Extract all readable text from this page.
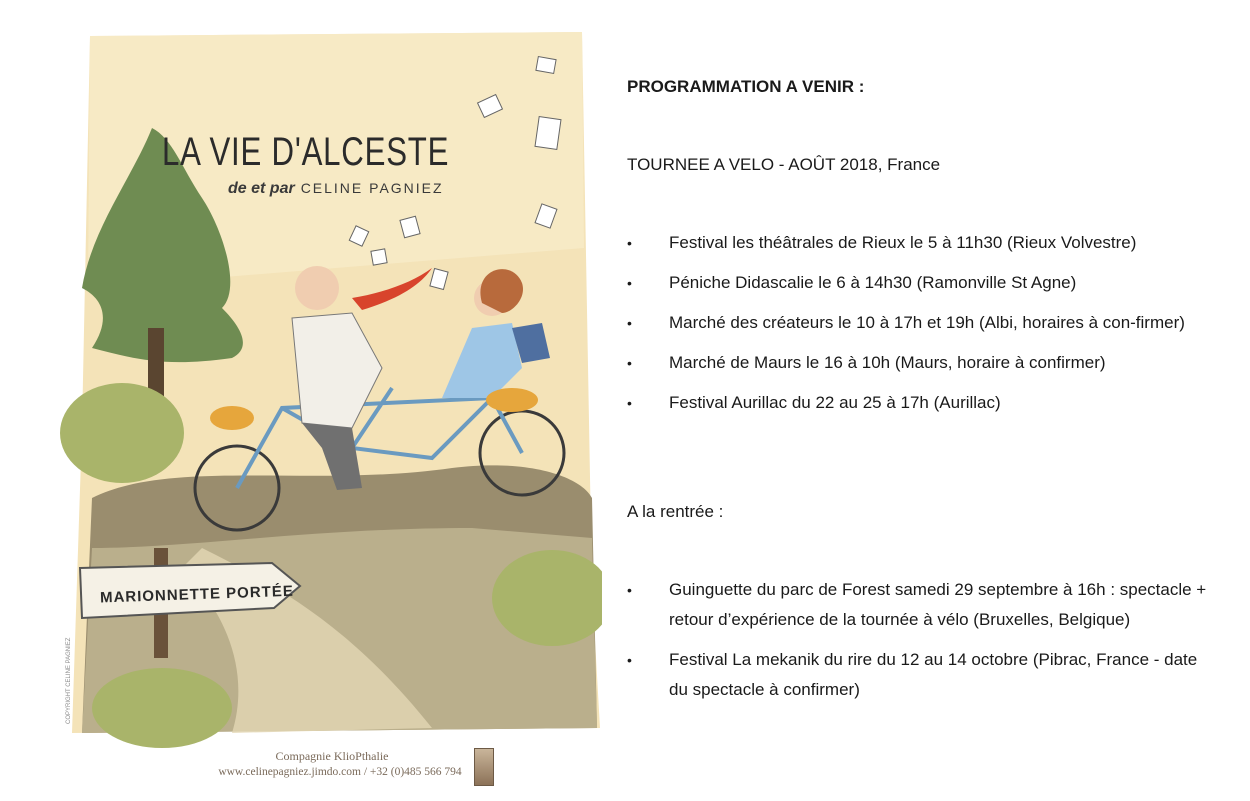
LA VIE D'ALCESTE
de et par CELINE PAGNIEZ
MARIONNETTE PORTÉE
COPYRIGHT CELINE PAGNIEZ
Compagnie KlioPthalie
www.celinepagniez.jimdo.com / +32 (0)485 566 794
PROGRAMMATION A VENIR :
TOURNEE A VELO - AOÛT 2018, France
• Festival les théâtrales de Rieux le 5 à 11h30 (Rieux Volvestre)
• Péniche Didascalie le 6 à 14h30 (Ramonville St Agne)
• Marché des créateurs le 10 à 17h et 19h (Albi, horaires à con-firmer)
• Marché de Maurs le 16 à 10h (Maurs, horaire à confirmer)
• Festival Aurillac du 22 au 25 à 17h (Aurillac)
A la rentrée :
• Guinguette du parc de Forest samedi 29 septembre à 16h : spectacle + retour d’expérience de la tournée à vélo (Bruxelles, Belgique)
• Festival La mekanik du rire du 12 au 14 octobre (Pibrac, France - date du spectacle à confirmer)
